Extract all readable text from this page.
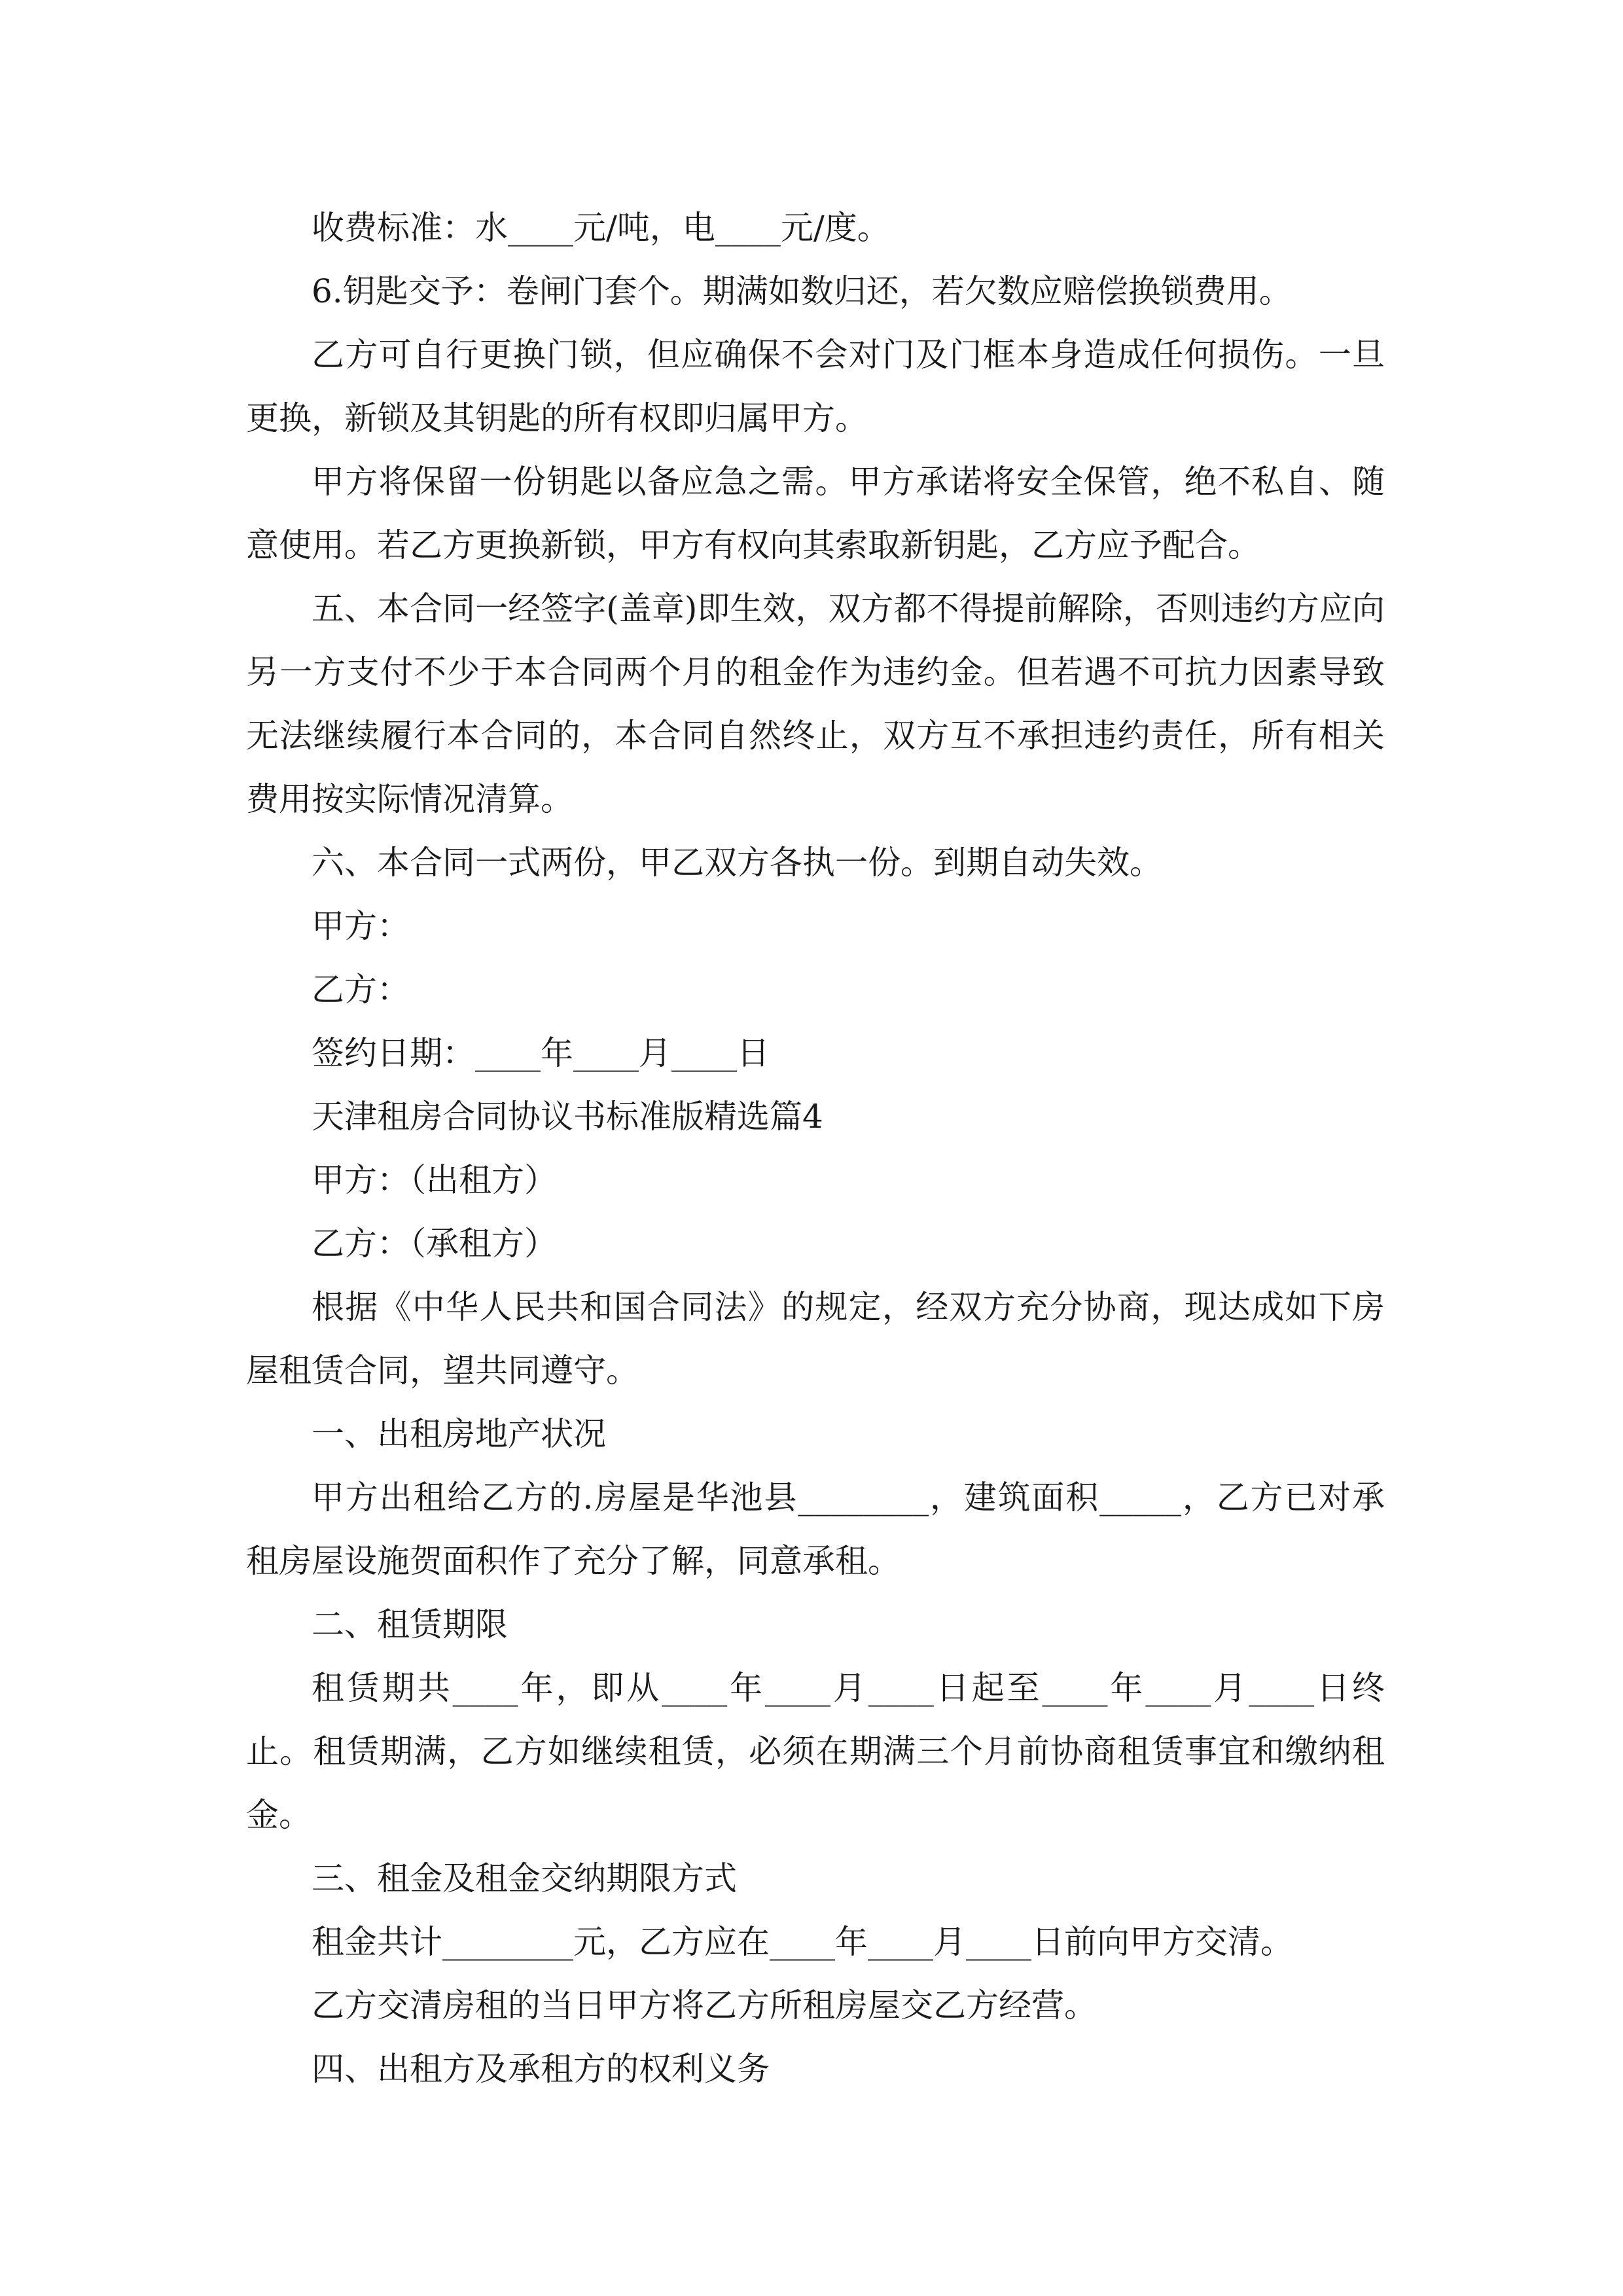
收费标准：水____元/吨，电____元/度。

6.钥匙交予：卷闸门套个。期满如数归还，若欠数应赔偿换锁费用。

乙方可自行更换门锁，但应确保不会对门及门框本身造成任何损伤。一旦更换，新锁及其钥匙的所有权即归属甲方。

甲方将保留一份钥匙以备应急之需。甲方承诺将安全保管，绝不私自、随意使用。若乙方更换新锁，甲方有权向其索取新钥匙，乙方应予配合。

五、本合同一经签字(盖章)即生效，双方都不得提前解除，否则违约方应向另一方支付不少于本合同两个月的租金作为违约金。但若遇不可抗力因素导致无法继续履行本合同的，本合同自然终止，双方互不承担违约责任，所有相关费用按实际情况清算。

六、本合同一式两份，甲乙双方各执一份。到期自动失效。

甲方：

乙方：

签约日期：____年____月____日

天津租房合同协议书标准版精选篇4

甲方：（出租方）

乙方：（承租方）

根据《中华人民共和国合同法》的规定，经双方充分协商，现达成如下房屋租赁合同，望共同遵守。

一、出租房地产状况

甲方出租给乙方的.房屋是华池县________，建筑面积_____，乙方已对承租房屋设施贺面积作了充分了解，同意承租。

二、租赁期限

租赁期共____年，即从____年____月____日起至____年____月____日终止。租赁期满，乙方如继续租赁，必须在期满三个月前协商租赁事宜和缴纳租金。

三、租金及租金交纳期限方式

租金共计________元，乙方应在____年____月____日前向甲方交清。

乙方交清房租的当日甲方将乙方所租房屋交乙方经营。

四、出租方及承租方的权利义务
